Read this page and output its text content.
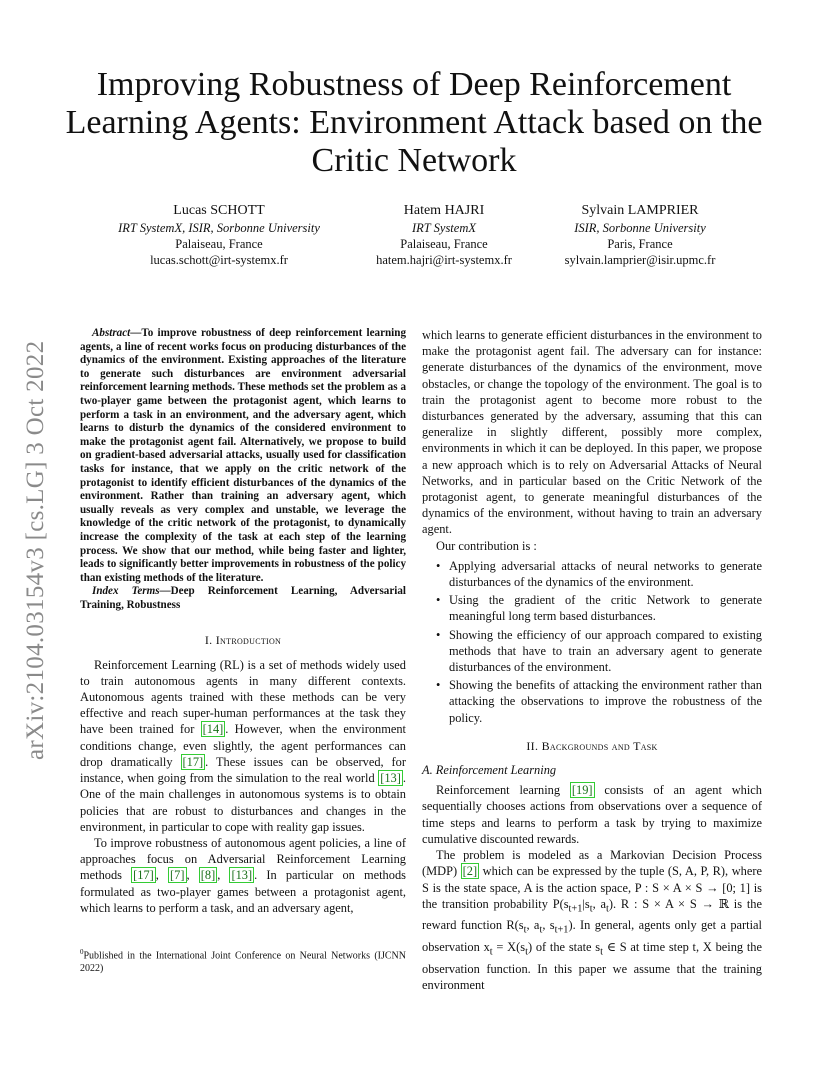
Improving Robustness of Deep Reinforcement Learning Agents: Environment Attack based on the Critic Network
Lucas SCHOTT
IRT SystemX, ISIR, Sorbonne University
Palaiseau, France
lucas.schott@irt-systemx.fr
Hatem HAJRI
IRT SystemX
Palaiseau, France
hatem.hajri@irt-systemx.fr
Sylvain LAMPRIER
ISIR, Sorbonne University
Paris, France
sylvain.lamprier@isir.upmc.fr
arXiv:2104.03154v3 [cs.LG] 3 Oct 2022

Abstract—To improve robustness of deep reinforcement learning agents, a line of recent works focus on producing disturbances of the dynamics of the environment. Existing approaches of the literature to generate such disturbances are environment adversarial reinforcement learning methods. These methods set the problem as a two-player game between the protagonist agent, which learns to perform a task in an environment, and the adversary agent, which learns to disturb the dynamics of the considered environment to make the protagonist agent fail. Alternatively, we propose to build on gradient-based adversarial attacks, usually used for classification tasks for instance, that we apply on the critic network of the protagonist to identify efficient disturbances of the dynamics of the environment. Rather than training an adversary agent, which usually reveals as very complex and unstable, we leverage the knowledge of the critic network of the protagonist, to dynamically increase the complexity of the task at each step of the learning process. We show that our method, while being faster and lighter, leads to significantly better improvements in robustness of the policy than existing methods of the literature.

Index Terms—Deep Reinforcement Learning, Adversarial Training, Robustness

I. Introduction

Reinforcement Learning (RL) is a set of methods widely used to train autonomous agents in many different contexts. Autonomous agents trained with these methods can be very effective and reach super-human performances at the task they have been trained for [14] . However, when the environment conditions change, even slightly, the agent performances can drop dramatically [17] . These issues can be observed, for instance, when going from the simulation to the real world [13] . One of the main challenges in autonomous systems is to obtain policies that are robust to disturbances and changes in the environment, in particular to cope with reality gap issues.

To improve robustness of autonomous agent policies, a line of approaches focus on Adversarial Reinforcement Learning methods [17] , [7] , [8] , [13] . In particular on methods formulated as two-player games between a protagonist agent, which learns to perform a task, and an adversary agent,

$^0$Published in the International Joint Conference on Neural Networks (IJCNN 2022)

which learns to generate efficient disturbances in the environment to make the protagonist agent fail. The adversary can for instance: generate disturbances of the dynamics of the environment, move obstacles, or change the topology of the environment. The goal is to train the protagonist agent to become more robust to the disturbances generated by the adversary, assuming that this can generalize in slightly different, possibly more complex, environments in which it can be deployed. In this paper, we propose a new approach which is to rely on Adversarial Attacks of Neural Networks, and in particular based on the Critic Network of the protagonist agent, to generate meaningful disturbances of the dynamics of the environment, without having to train an adversary agent.

Our contribution is :

• Applying adversarial attacks of neural networks to generate disturbances of the dynamics of the environment.
• Using the gradient of the critic Network to generate meaningful long term based disturbances.
• Showing the efficiency of our approach compared to existing methods that have to train an adversary agent to generate disturbances of the environment.
• Showing the benefits of attacking the environment rather than attacking the observations to improve the robustness of the policy.
II. Backgrounds and Task
A. Reinforcement Learning

Reinforcement learning [19] consists of an agent which sequentially chooses actions from observations over a sequence of time steps and learns to perform a task by trying to maximize cumulative discounted rewards.

The problem is modeled as a Markovian Decision Process (MDP) [2] which can be expressed by the tuple (S, A, P, R), where S is the state space, A is the action space, P : S × A × S → [0; 1] is the transition probability $P(s_{t+1}|s_t$, $a_t$). R : S × A × S → ℝ is the reward function $R(s_t$, $a_t$, $s_{t+1}$). In general, agents only get a partial observation $x_t = X(s_t)$ of the state $s_t$ ∈ S at time step t, X being the observation function. In this paper we assume that the training environment
